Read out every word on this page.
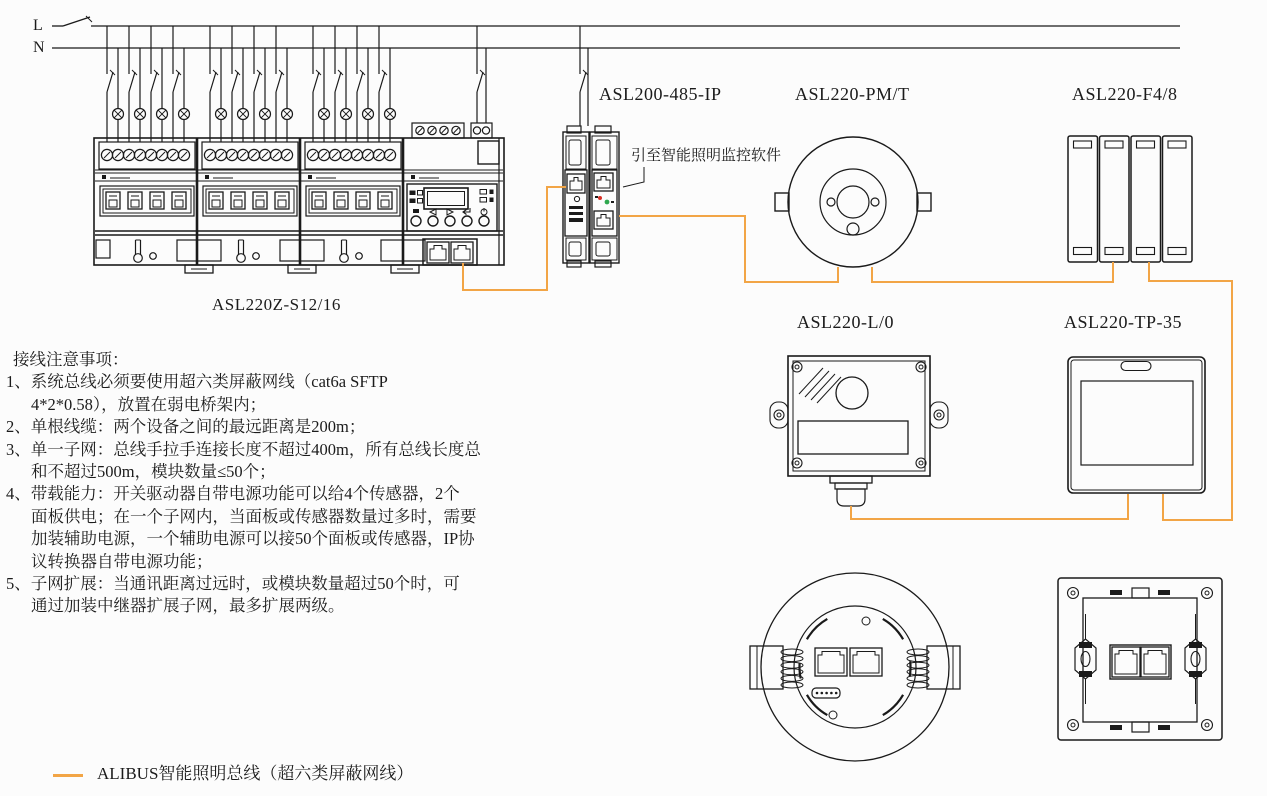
L
N
ASL220Z-S12/16
ASL200-485-IP	ASL220-PM/T	ASL220-F4/8
ASL220-L/0	ASL220-TP-35
引至智能照明监控软件
接线注意事项：
1、系统总线必须要使用超六类屏蔽网线（cat6a SFTP
4*2*0.58），放置在弱电桥架内；
2、单根线缆：两个设备之间的最远距离是200m；
3、单一子网：总线手拉手连接长度不超过400m，所有总线长度总
和不超过500m，模块数量≤50个；
4、带载能力：开关驱动器自带电源功能可以给4个传感器，2个
面板供电；在一个子网内，当面板或传感器数量过多时，需要
加装辅助电源，一个辅助电源可以接50个面板或传感器，IP协
议转换器自带电源功能；
5、子网扩展：当通讯距离过远时，或模块数量超过50个时，可
通过加装中继器扩展子网，最多扩展两级。
ALIBUS智能照明总线（超六类屏蔽网线）
